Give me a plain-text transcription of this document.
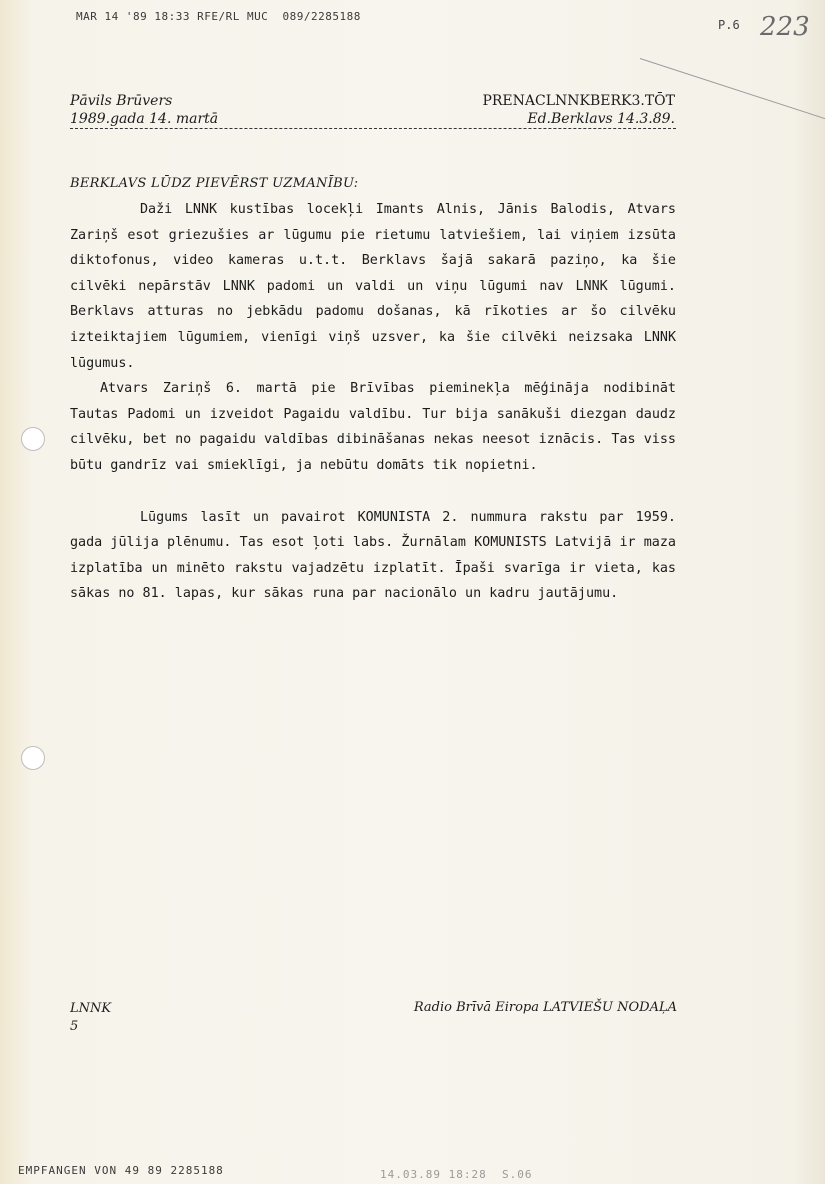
MAR 14 '89 18:33 RFE/RL MUC  089/2285188
P.6 223
Pāvils Brūvers
1989.gada 14. martā
PRENACLNNKBERK3.TŌT
Ed.Berklavs 14.3.89.
BERKLAVS LŪDZ PIEVĒRST UZMANĪBU:

Daži LNNK kustības locekļi Imants Alnis, Jānis Balodis, Atvars Zariņš esot griezušies ar lūgumu pie rietumu latviešiem, lai viņiem izsūta diktofonus, video kameras u.t.t. Berklavs šajā sakarā paziņo, ka šie cilvēki nepārstāv LNNK padomi un valdi un viņu lūgumi nav LNNK lūgumi. Berklavs atturas no jebkādu padomu došanas, kā rīkoties ar šo cilvēku izteiktajiem lūgumiem, vienīgi viņš uzsver, ka šie cilvēki neizsaka LNNK lūgumus.

Atvars Zariņš 6. martā pie Brīvības pieminekļa mēģināja nodibināt Tautas Padomi un izveidot Pagaidu valdību. Tur bija sanākuši diezgan daudz cilvēku, bet no pagaidu valdības dibināšanas nekas neesot iznācis. Tas viss būtu gandrīz vai smieklīgi, ja nebūtu domāts tik nopietni.

Lūgums lasīt un pavairot KOMUNISTA 2. nummura rakstu par 1959. gada jūlija plēnumu. Tas esot ļoti labs. Žurnālam KOMUNISTS Latvijā ir maza izplatība un minēto rakstu vajadzētu izplatīt. Īpaši svarīga ir vieta, kas sākas no 81. lapas, kur sākas runa par nacionālo un kadru jautājumu.

LNNK
5
Radio Brīvā Eiropa LATVIEŠU NODAĻA
EMPFANGEN VON 49 89 2285188	14.03.89 18:28  S.06
